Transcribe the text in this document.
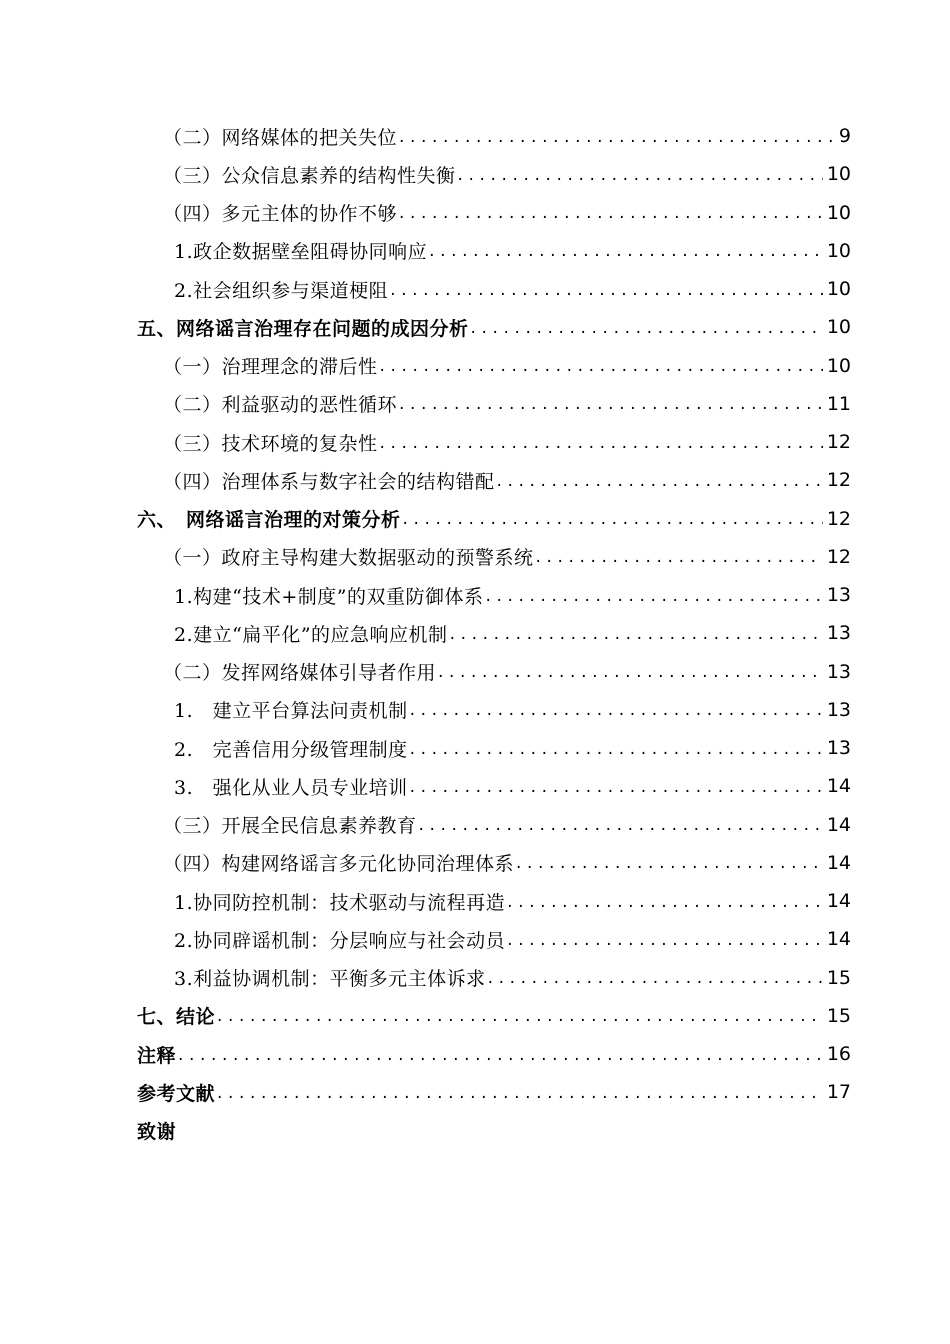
（二）网络媒体的把关失位 .....	9
（三）公众信息素养的结构性失衡 .....	10
（四）多元主体的协作不够 .....	10
1.政企数据壁垒阻碍协同响应 .....	10
2.社会组织参与渠道梗阻 .....	10
五、网络谣言治理存在问题的成因分析 .....	10
（一）治理理念的滞后性 .....	10
（二）利益驱动的恶性循环 .....	11
（三）技术环境的复杂性 .....	12
（四）治理体系与数字社会的结构错配 .....	12
六、　网络谣言治理的对策分析 .....	12
（一）政府主导构建大数据驱动的预警系统 .....	12
1.构建“技术+制度”的双重防御体系 .....	13
2.建立“扁平化”的应急响应机制 .....	13
（二）发挥网络媒体引导者作用 .....	13
1.　建立平台算法问责机制 .....	13
2.　完善信用分级管理制度 .....	13
3.　强化从业人员专业培训 .....	14
（三）开展全民信息素养教育 .....	14
（四）构建网络谣言多元化协同治理体系 .....	14
1.协同防控机制：技术驱动与流程再造 .....	14
2.协同辟谣机制：分层响应与社会动员 .....	14
3.利益协调机制：平衡多元主体诉求 .....	15
七、结论 .....	15
注释 .....	16
参考文献 .....	17
致谢
